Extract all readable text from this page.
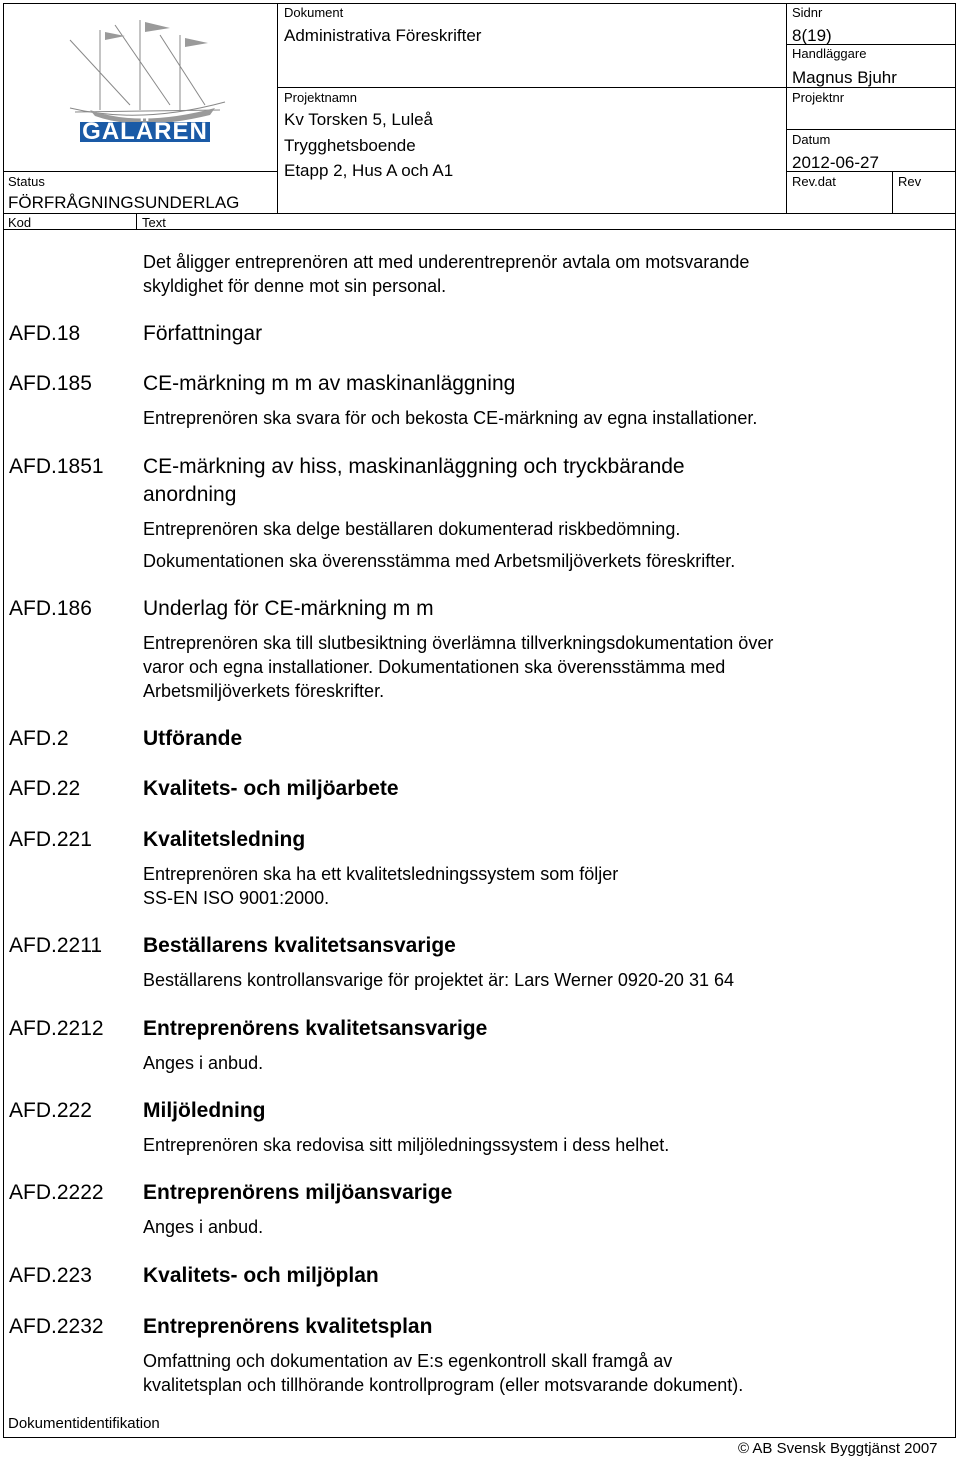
GALÄREN
Status
FÖRFRÅGNINGSUNDERLAG
Kod	Text
Dokument
Administrativa Föreskrifter
Projektnamn
Kv Torsken 5, Luleå
Trygghetsboende
Etapp 2, Hus A och A1
Sidnr
8(19)
Handläggare
Magnus Bjuhr
Projektnr
Datum
2012-06-27
Rev.dat	Rev
Det åligger entreprenören att med underentreprenör avtala om motsvarande
skyldighet för denne mot sin personal.
AFD.18	Författningar
AFD.185 CE-märkning m m av maskinanläggning
Entreprenören ska svara för och bekosta CE-märkning av egna installationer.
AFD.1851 CE-märkning av hiss, maskinanläggning och tryckbärande
anordning
Entreprenören ska delge beställaren dokumenterad riskbedömning.
Dokumentationen ska överensstämma med Arbetsmiljöverkets föreskrifter.
AFD.186 Underlag för CE-märkning m m
Entreprenören ska till slutbesiktning överlämna tillverkningsdokumentation över
varor och egna installationer. Dokumentationen ska överensstämma med
Arbetsmiljöverkets föreskrifter.
AFD.2	Utförande
AFD.22	Kvalitets- och miljöarbete
AFD.221 Kvalitetsledning
Entreprenören ska ha ett kvalitetsledningssystem som följer
SS-EN ISO 9001:2000.
AFD.2211 Beställarens kvalitetsansvarige
Beställarens kontrollansvarige för projektet är: Lars Werner 0920-20 31 64
AFD.2212 Entreprenörens kvalitetsansvarige
Anges i anbud.
AFD.222 Miljöledning
Entreprenören ska redovisa sitt miljöledningssystem i dess helhet.
AFD.2222 Entreprenörens miljöansvarige
Anges i anbud.
AFD.223 Kvalitets- och miljöplan
AFD.2232 Entreprenörens kvalitetsplan
Omfattning och dokumentation av E:s egenkontroll skall framgå av
kvalitetsplan och tillhörande kontrollprogram (eller motsvarande dokument).
Dokumentidentifikation
© AB Svensk Byggtjänst 2007
